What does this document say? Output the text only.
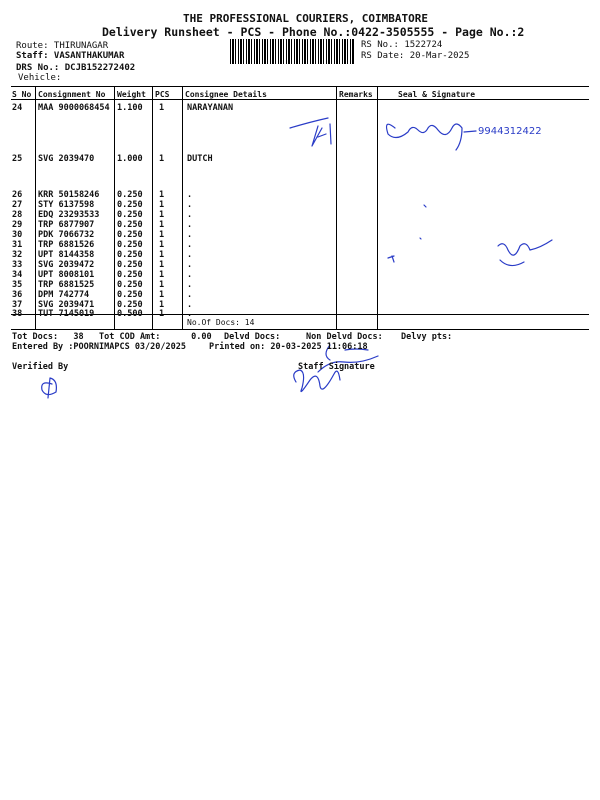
THE PROFESSIONAL COURIERS, COIMBATORE
Delivery Runsheet - PCS - Phone No.:0422-3505555 - Page No.:2
Route: THIRUNAGAR
Staff: VASANTHAKUMAR
DRS No.: DCJB152272402
Vehicle:
RS No.: 1522724
RS Date: 20-Mar-2025
S No Consignment No Weight PCS Consignee Details	Remarks	Seal & Signature
24 MAA 9000068454 1.100 1	NARAYANAN
25 SVG 2039470	1.000 1	DUTCH
26 KRR 50158246 0.250 1	.
27 STY 6137598	0.250 1	.
28 EDQ 23293533 0.250 1	.
29 TRP 6877907	0.250 1	.
30 PDK 7066732	0.250 1	.
31 TRP 6881526	0.250 1	.
32 UPT 8144358	0.250 1	.
33 SVG 2039472	0.250 1	.
34 UPT 8008101	0.250 1	.
35 TRP 6881525	0.250 1	.
36 DPM 742774	0.250 1	.
37 SVG 2039471	0.250 1	.
38 TUT 7145019	0.500 1	.
No.Of Docs: 14
9944312422
Tot Docs:   38 Tot COD Amt:      0.00 Delvd Docs:	Non Delvd Docs: Delvy pts:
Entered By :POORNIMAPCS 03/20/2025	Printed on: 20-03-2025 11:06:18
Verified By	Staff Signature
